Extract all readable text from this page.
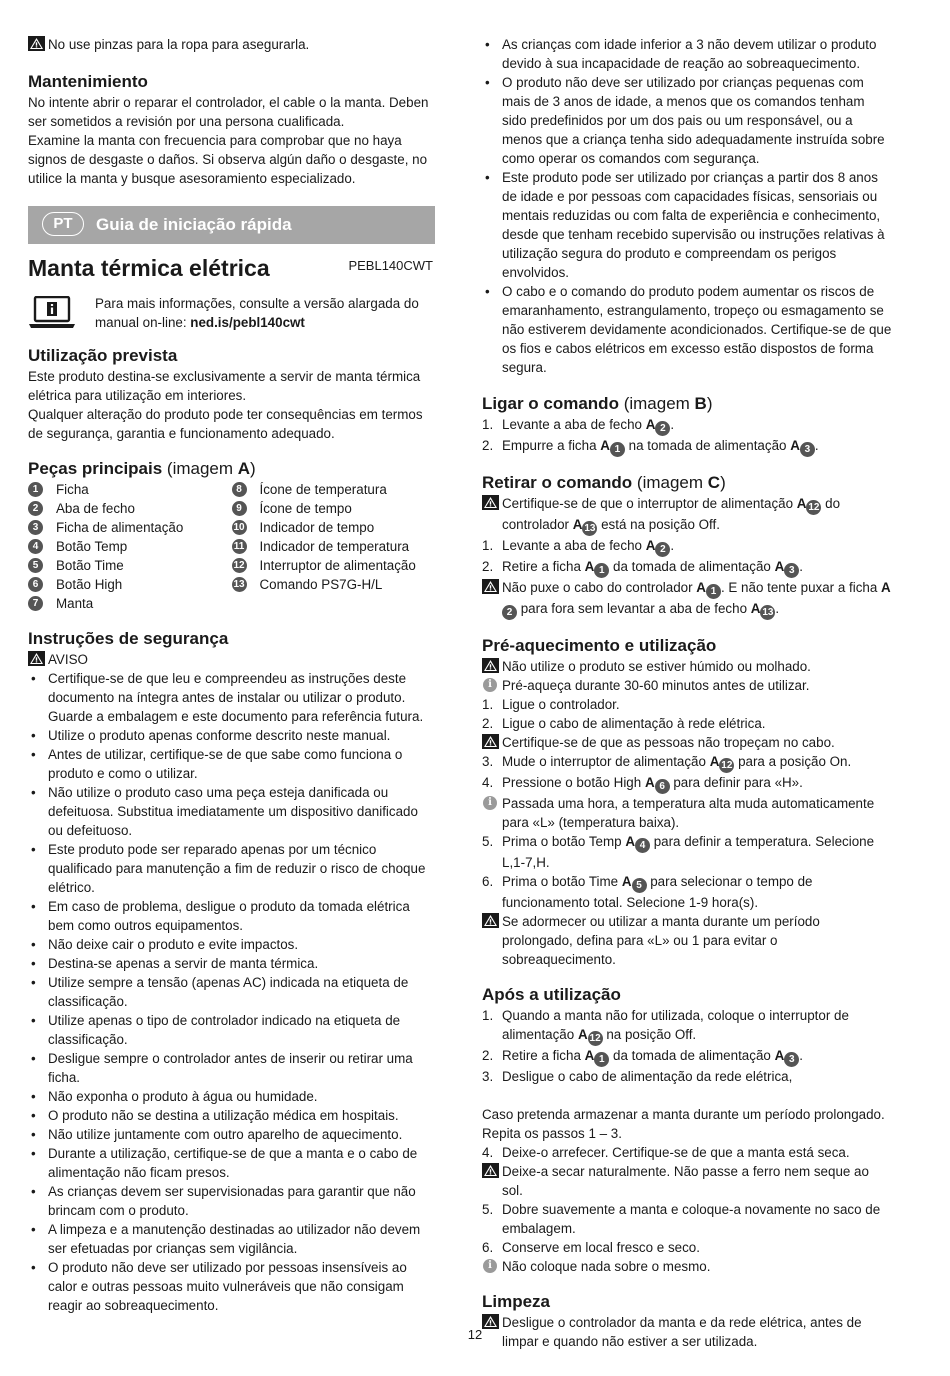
No use pinzas para la ropa para asegurarla.
Mantenimiento

No intente abrir o reparar el controlador, el cable o la manta. Deben ser sometidos a revisión por una persona cualificada.

Examine la manta con frecuencia para comprobar que no haya signos de desgaste o daños. Si observa algún daño o desgaste, no utilice la manta y busque asesoramiento especializado.

PT	Guia de iniciação rápida
Manta térmica elétrica	PEBL140CWT
Para mais informações, consulte a versão alargada do manual on-line: ned.is/pebl140cwt
Utilização prevista

Este produto destina-se exclusivamente a servir de manta térmica elétrica para utilização em interiores.

Qualquer alteração do produto pode ter consequências em termos de segurança, garantia e funcionamento adequado.

Peças principais (imagem A)
1	Ficha
2	Aba de fecho
3	Ficha de alimentação
4	Botão Temp
5	Botão Time
6	Botão High
7	Manta
8	Ícone de temperatura
9	Ícone de tempo
10 Indicador de tempo
11 Indicador de temperatura
12 Interruptor de alimentação
13 Comando PS7G-H/L
Instruções de segurança
AVISO
• Certifique-se de que leu e compreendeu as instruções deste documento na íntegra antes de instalar ou utilizar o produto. Guarde a embalagem e este documento para referência futura.
• Utilize o produto apenas conforme descrito neste manual.
• Antes de utilizar, certifique-se de que sabe como funciona o produto e como o utilizar.
• Não utilize o produto caso uma peça esteja danificada ou defeituosa. Substitua imediatamente um dispositivo danificado ou defeituoso.
• Este produto pode ser reparado apenas por um técnico qualificado para manutenção a fim de reduzir o risco de choque elétrico.
• Em caso de problema, desligue o produto da tomada elétrica bem como outros equipamentos.
• Não deixe cair o produto e evite impactos.
• Destina-se apenas a servir de manta térmica.
• Utilize sempre a tensão (apenas AC) indicada na etiqueta de classificação.
• Utilize apenas o tipo de controlador indicado na etiqueta de classificação.
• Desligue sempre o controlador antes de inserir ou retirar uma ficha.
• Não exponha o produto à água ou humidade.
• O produto não se destina a utilização médica em hospitais.
• Não utilize juntamente com outro aparelho de aquecimento.
• Durante a utilização, certifique-se de que a manta e o cabo de alimentação não ficam presos.
• As crianças devem ser supervisionadas para garantir que não brincam com o produto.
• A limpeza e a manutenção destinadas ao utilizador não devem ser efetuadas por crianças sem vigilância.
• O produto não deve ser utilizado por pessoas insensíveis ao calor e outras pessoas muito vulneráveis que não consigam reagir ao sobreaquecimento.
• As crianças com idade inferior a 3 não devem utilizar o produto devido à sua incapacidade de reação ao sobreaquecimento.
• O produto não deve ser utilizado por crianças pequenas com mais de 3 anos de idade, a menos que os comandos tenham sido predefinidos por um dos pais ou um responsável, ou a menos que a criança tenha sido adequadamente instruída sobre como operar os comandos com segurança.
• Este produto pode ser utilizado por crianças a partir dos 8 anos de idade e por pessoas com capacidades físicas, sensoriais ou mentais reduzidas ou com falta de experiência e conhecimento, desde que tenham recebido supervisão ou instruções relativas à utilização segura do produto e compreendam os perigos envolvidos.
• O cabo e o comando do produto podem aumentar os riscos de emaranhamento, estrangulamento, tropeço ou esmagamento se não estiverem devidamente acondicionados. Certifique-se de que os fios e cabos elétricos em excesso estão dispostos de forma segura.
Ligar o comando (imagem B)
1. Levante a aba de fecho A 2 .
2. Empurre a ficha A 1 na tomada de alimentação A 3 .
Retirar o comando (imagem C)
Certifique-se de que o interruptor de alimentação A 12 do controlador A 13 está na posição Off.
1. Levante a aba de fecho A 2 .
2. Retire a ficha A 1 da tomada de alimentação A 3 .
Não puxe o cabo do controlador A 1 . E não tente puxar a ficha A2 para fora sem levantar a aba de fecho A 13 .
Pré-aquecimento e utilização
Não utilize o produto se estiver húmido ou molhado.
i Pré-aqueça durante 30-60 minutos antes de utilizar.
1. Ligue o controlador.
2. Ligue o cabo de alimentação à rede elétrica.
Certifique-se de que as pessoas não tropeçam no cabo.
3. Mude o interruptor de alimentação A 12 para a posição On.
4. Pressione o botão High A 6 para definir para «H».
i Passada uma hora, a temperatura alta muda automaticamente para «L» (temperatura baixa).
5. Prima o botão Temp A 4 para definir a temperatura. Selecione L,1-7,H.
6. Prima o botão Time A 5 para selecionar o tempo de funcionamento total. Selecione 1-9 hora(s).
Se adormecer ou utilizar a manta durante um período prolongado, defina para «L» ou 1 para evitar o sobreaquecimento.
Após a utilização
1. Quando a manta não for utilizada, coloque o interruptor de alimentação A 12 na posição Off.
2. Retire a ficha A 1 da tomada de alimentação A 3 .
3. Desligue o cabo de alimentação da rede elétrica,

Caso pretenda armazenar a manta durante um período prolongado. Repita os passos 1 – 3.

4. Deixe-o arrefecer. Certifique-se de que a manta está seca.
Deixe-a secar naturalmente. Não passe a ferro nem seque ao sol.
5. Dobre suavemente a manta e coloque-a novamente no saco de embalagem.
6. Conserve em local fresco e seco.
i Não coloque nada sobre o mesmo.
Limpeza
Desligue o controlador da manta e da rede elétrica, antes de limpar e quando não estiver a ser utilizada.
12
